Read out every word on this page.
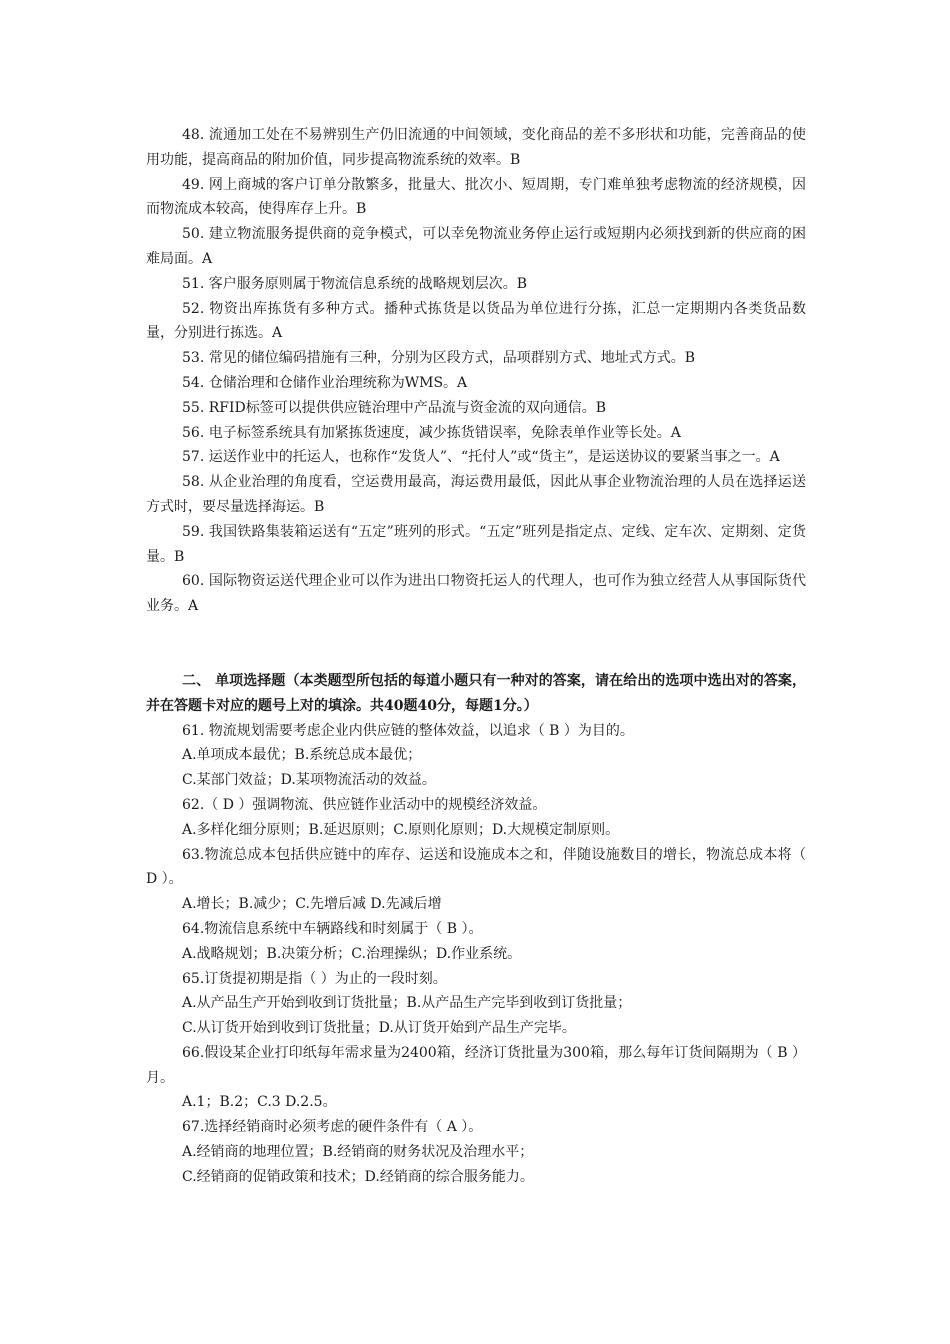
48. 流通加工处在不易辨别生产仍旧流通的中间领域，变化商品的差不多形状和功能，完善商品的使用功能，提高商品的附加价值，同步提高物流系统的效率。B

49. 网上商城的客户订单分散繁多，批量大、批次小、短周期，专门难单独考虑物流的经济规模，因而物流成本较高，使得库存上升。B

50. 建立物流服务提供商的竞争模式，可以幸免物流业务停止运行或短期内必须找到新的供应商的困难局面。A

51. 客户服务原则属于物流信息系统的战略规划层次。B

52. 物资出库拣货有多种方式。播种式拣货是以货品为单位进行分拣，汇总一定期期内各类货品数量，分别进行拣选。A

53. 常见的储位编码措施有三种，分别为区段方式，品项群别方式、地址式方式。B

54. 仓储治理和仓储作业治理统称为WMS。A

55. RFID标签可以提供供应链治理中产品流与资金流的双向通信。B

56. 电子标签系统具有加紧拣货速度，减少拣货错误率，免除表单作业等长处。A

57. 运送作业中的托运人，也称作“发货人”、“托付人”或“货主”，是运送协议的要紧当事之一。A

58. 从企业治理的角度看，空运费用最高，海运费用最低，因此从事企业物流治理的人员在选择运送方式时，要尽量选择海运。B

59. 我国铁路集装箱运送有“五定”班列的形式。“五定”班列是指定点、定线、定车次、定期刻、定货量。B

60. 国际物资运送代理企业可以作为进出口物资托运人的代理人，也可作为独立经营人从事国际货代业务。A

二、 单项选择题（本类题型所包括的每道小题只有一种对的答案，请在给出的选项中选出对的答案，并在答题卡对应的题号上对的填涂。共40题40分，每题1分。）

61. 物流规划需要考虑企业内供应链的整体效益，以追求（ B ）为目的。

A.单项成本最优；B.系统总成本最优；

C.某部门效益；D.某项物流活动的效益。

62.（ D ）强调物流、供应链作业活动中的规模经济效益。

A.多样化细分原则；B.延迟原则；C.原则化原则；D.大规模定制原则。

63.物流总成本包括供应链中的库存、运送和设施成本之和，伴随设施数目的增长，物流总成本将（ D ）。

A.增长；B.减少；C.先增后减 D.先减后增

64.物流信息系统中车辆路线和时刻属于（ B ）。

A.战略规划；B.决策分析；C.治理操纵；D.作业系统。

65.订货提初期是指（ ）为止的一段时刻。

A.从产品生产开始到收到订货批量；B.从产品生产完毕到收到订货批量；

C.从订货开始到收到订货批量；D.从订货开始到产品生产完毕。

66.假设某企业打印纸每年需求量为2400箱，经济订货批量为300箱，那么每年订货间隔期为（ B ）月。

A.1；B.2；C.3 D.2.5。

67.选择经销商时必须考虑的硬件条件有（ A ）。

A.经销商的地理位置；B.经销商的财务状况及治理水平；

C.经销商的促销政策和技术；D.经销商的综合服务能力。
